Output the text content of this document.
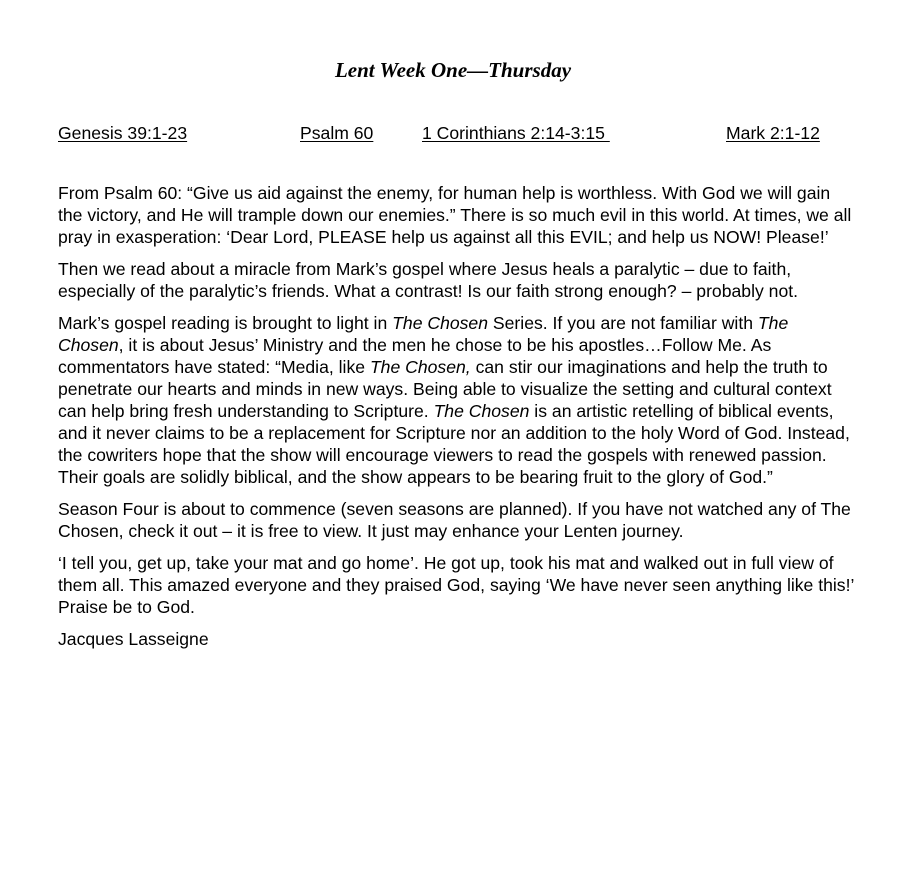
Lent Week One—Thursday
Genesis 39:1-23	Psalm 60	1 Corinthians 2:14-3:15	Mark 2:1-12

From Psalm 60: “Give us aid against the enemy, for human help is worthless. With God we will gain the victory, and He will trample down our enemies.” There is so much evil in this world. At times, we all pray in exasperation: ‘Dear Lord, PLEASE help us against all this EVIL; and help us NOW! Please!’

Then we read about a miracle from Mark’s gospel where Jesus heals a paralytic – due to faith, especially of the paralytic’s friends. What a contrast! Is our faith strong enough? – probably not.

Mark’s gospel reading is brought to light in The Chosen Series. If you are not familiar with The Chosen, it is about Jesus’ Ministry and the men he chose to be his apostles…Follow Me. As commentators have stated: “Media, like The Chosen, can stir our imaginations and help the truth to penetrate our hearts and minds in new ways. Being able to visualize the setting and cultural context can help bring fresh understanding to Scripture. The Chosen is an artistic retelling of biblical events, and it never claims to be a replacement for Scripture nor an addition to the holy Word of God. Instead, the cowriters hope that the show will encourage viewers to read the gospels with renewed passion. Their goals are solidly biblical, and the show appears to be bearing fruit to the glory of God.”

Season Four is about to commence (seven seasons are planned). If you have not watched any of The Chosen, check it out – it is free to view. It just may enhance your Lenten journey.

‘I tell you, get up, take your mat and go home’. He got up, took his mat and walked out in full view of them all. This amazed everyone and they praised God, saying ‘We have never seen anything like this!’ Praise be to God.

Jacques Lasseigne
